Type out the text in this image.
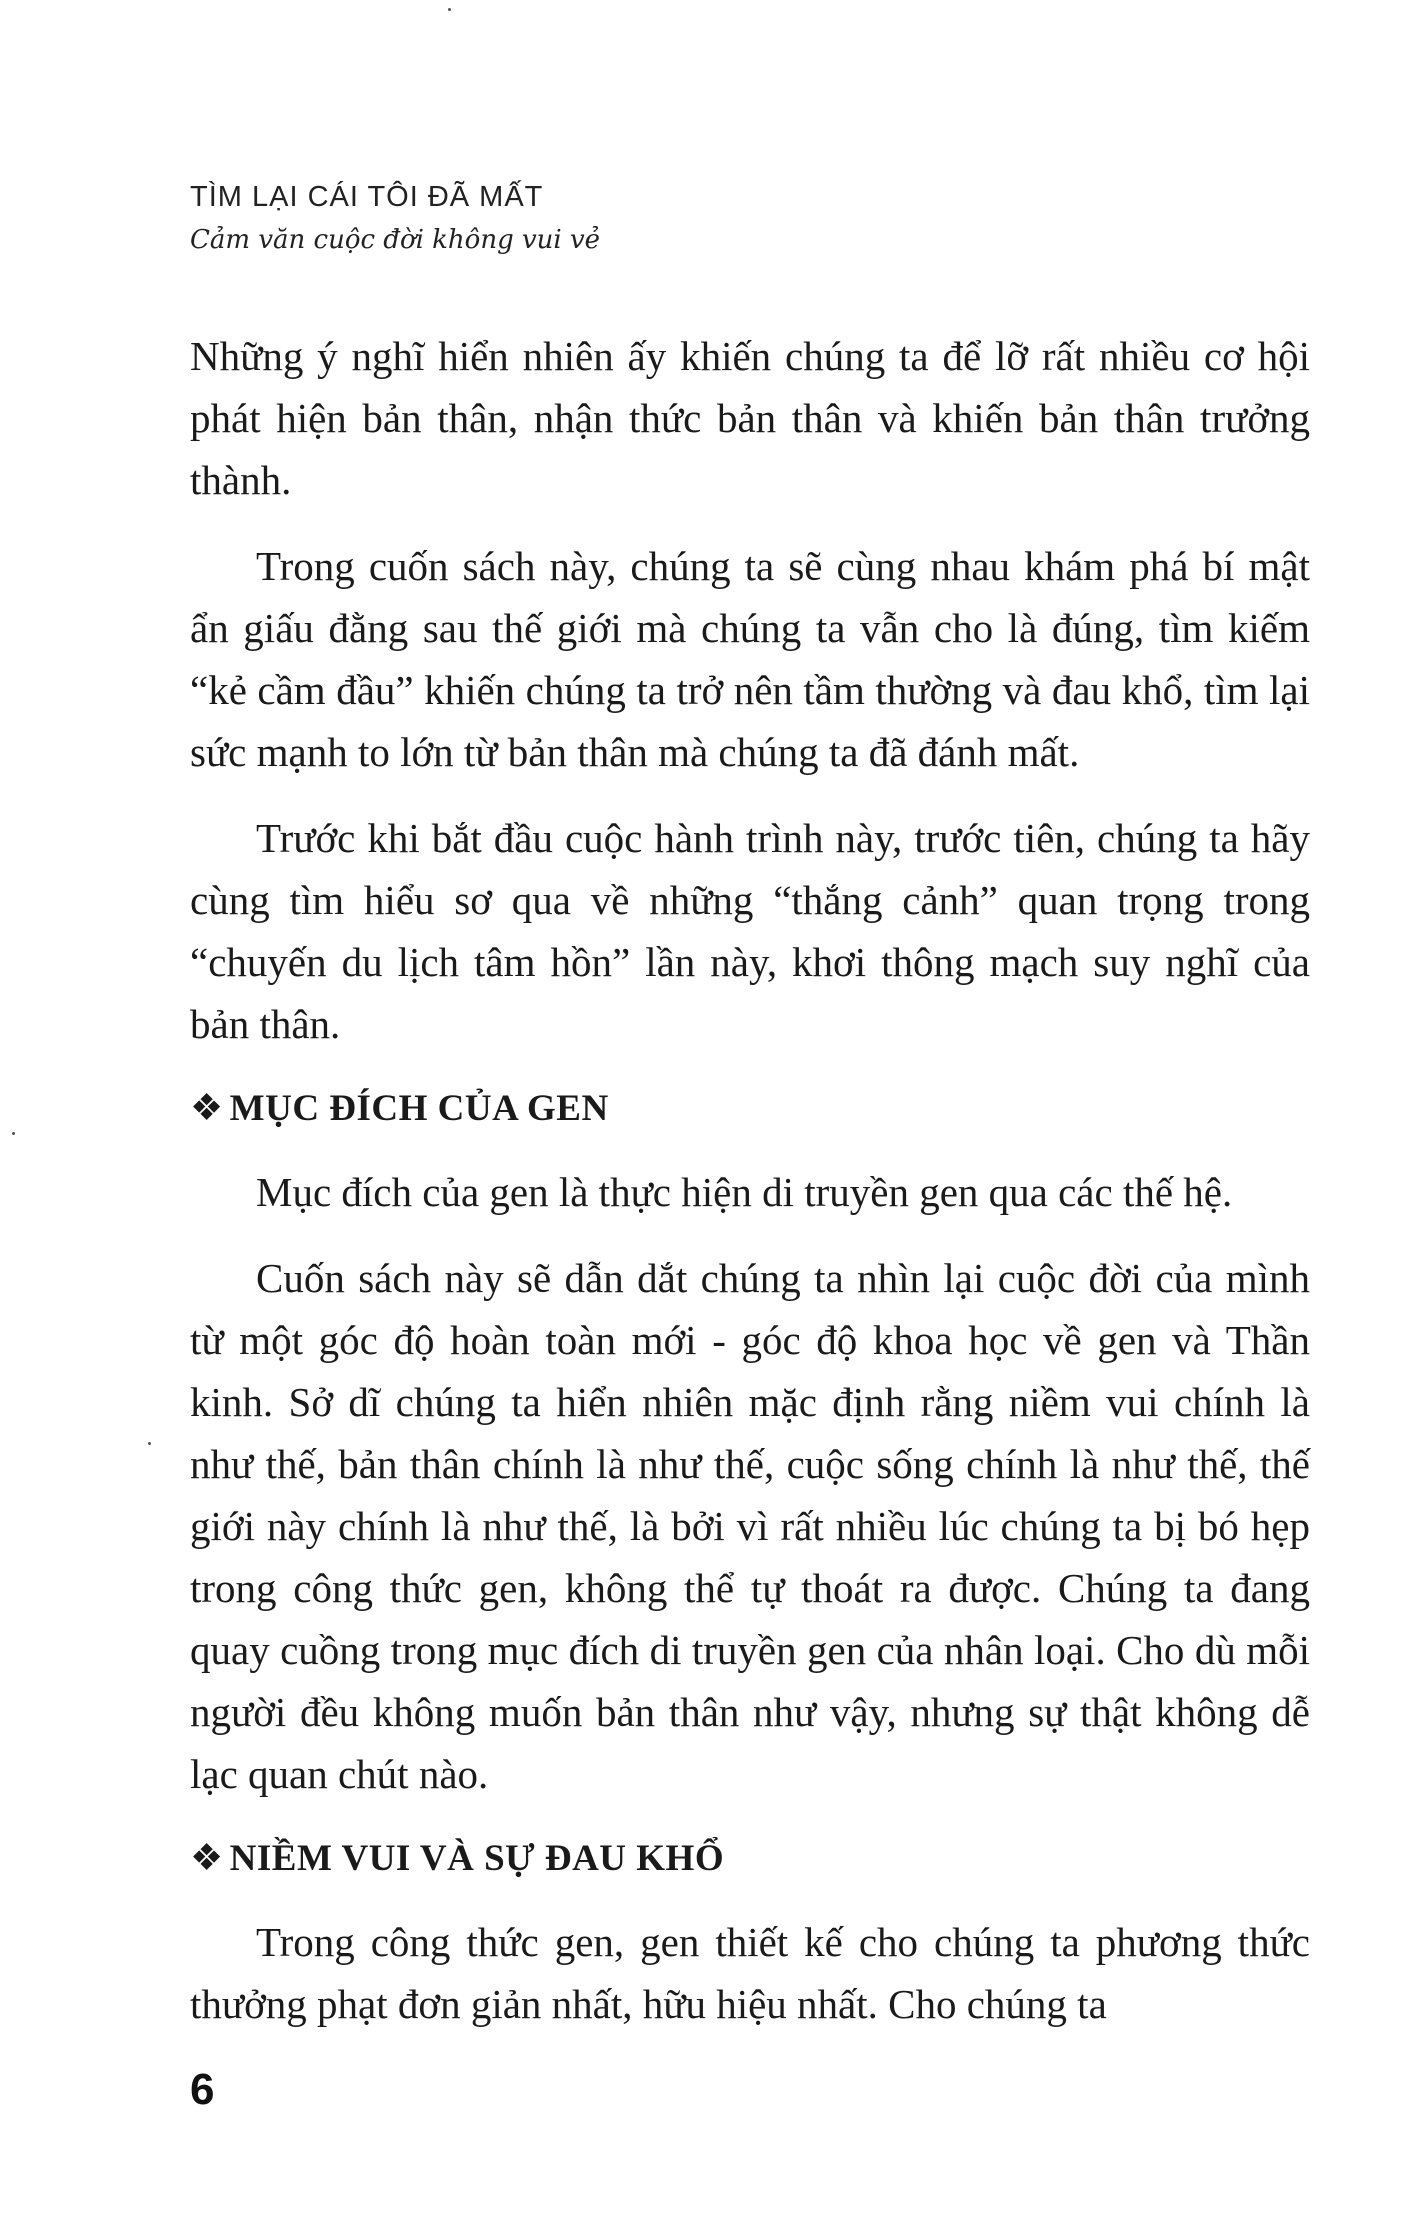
TÌM LẠI CÁI TÔI ĐÃ MẤT
Cảm văn cuộc đời không vui vẻ

Những ý nghĩ hiển nhiên ấy khiến chúng ta để lỡ rất nhiều cơ hội phát hiện bản thân, nhận thức bản thân và khiến bản thân trưởng thành.

Trong cuốn sách này, chúng ta sẽ cùng nhau khám phá bí mật ẩn giấu đằng sau thế giới mà chúng ta vẫn cho là đúng, tìm kiếm “kẻ cầm đầu” khiến chúng ta trở nên tầm thường và đau khổ, tìm lại sức mạnh to lớn từ bản thân mà chúng ta đã đánh mất.

Trước khi bắt đầu cuộc hành trình này, trước tiên, chúng ta hãy cùng tìm hiểu sơ qua về những “thắng cảnh” quan trọng trong “chuyến du lịch tâm hồn” lần này, khơi thông mạch suy nghĩ của bản thân.

❖ MỤC ĐÍCH CỦA GEN

Mục đích của gen là thực hiện di truyền gen qua các thế hệ.

Cuốn sách này sẽ dẫn dắt chúng ta nhìn lại cuộc đời của mình từ một góc độ hoàn toàn mới - góc độ khoa học về gen và Thần kinh. Sở dĩ chúng ta hiển nhiên mặc định rằng niềm vui chính là như thế, bản thân chính là như thế, cuộc sống chính là như thế, thế giới này chính là như thế, là bởi vì rất nhiều lúc chúng ta bị bó hẹp trong công thức gen, không thể tự thoát ra được. Chúng ta đang quay cuồng trong mục đích di truyền gen của nhân loại. Cho dù mỗi người đều không muốn bản thân như vậy, nhưng sự thật không dễ lạc quan chút nào.

❖ NIỀM VUI VÀ SỰ ĐAU KHỔ

Trong công thức gen, gen thiết kế cho chúng ta phương thức thưởng phạt đơn giản nhất, hữu hiệu nhất. Cho chúng ta

6
